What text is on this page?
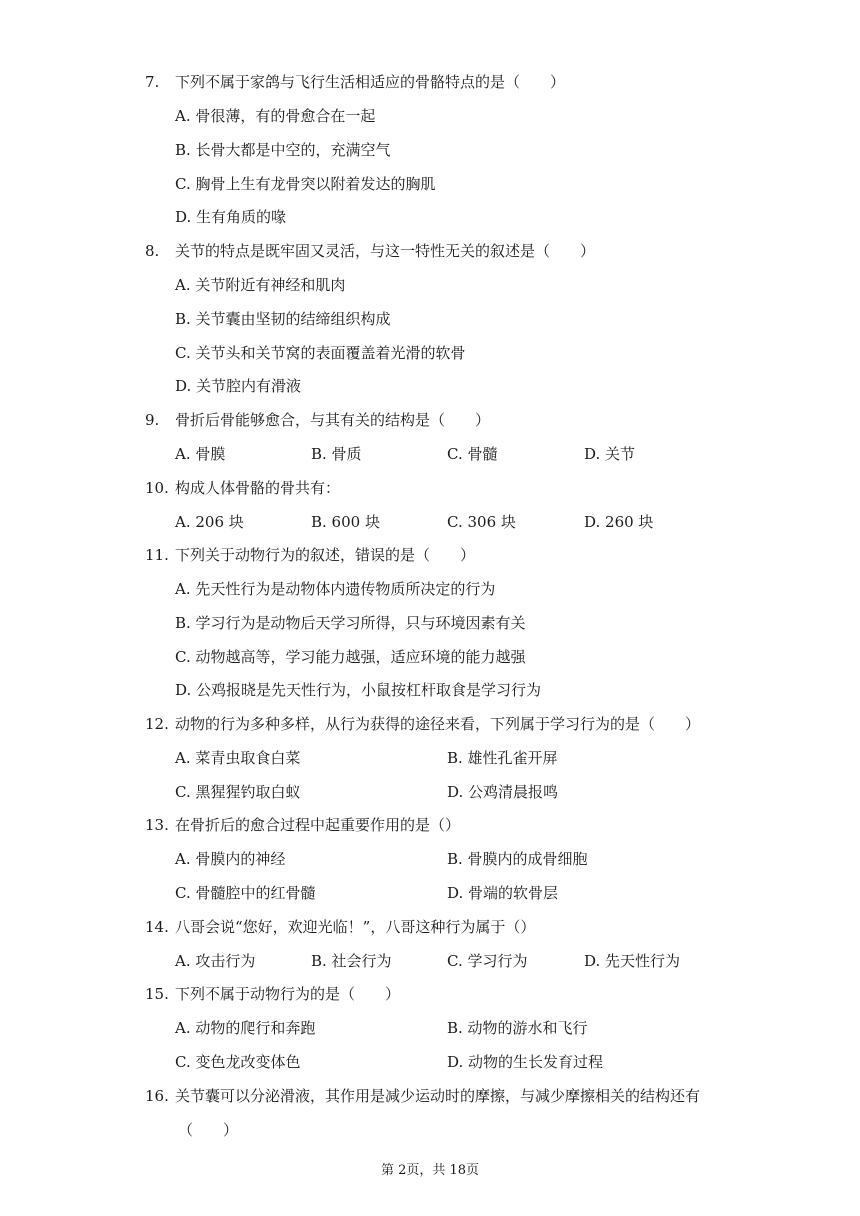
7. 下列不属于家鸽与飞行生活相适应的骨骼特点的是（　　）
A. 骨很薄，有的骨愈合在一起
B. 长骨大都是中空的，充满空气
C. 胸骨上生有龙骨突以附着发达的胸肌
D. 生有角质的喙
8. 关节的特点是既牢固又灵活，与这一特性无关的叙述是（　　）
A. 关节附近有神经和肌肉
B. 关节囊由坚韧的结缔组织构成
C. 关节头和关节窝的表面覆盖着光滑的软骨
D. 关节腔内有滑液
9. 骨折后骨能够愈合，与其有关的结构是（　　）
A. 骨膜	B. 骨质	C. 骨髓	D. 关节
10. 构成人体骨骼的骨共有：
A. 206 块	B. 600 块	C. 306 块	D. 260 块
11. 下列关于动物行为的叙述，错误的是（　　）
A. 先天性行为是动物体内遗传物质所决定的行为
B. 学习行为是动物后天学习所得，只与环境因素有关
C. 动物越高等，学习能力越强，适应环境的能力越强
D. 公鸡报晓是先天性行为，小鼠按杠杆取食是学习行为
12. 动物的行为多种多样，从行为获得的途径来看，下列属于学习行为的是（　　）
A. 菜青虫取食白菜	B. 雄性孔雀开屏
C. 黑猩猩钓取白蚁	D. 公鸡清晨报鸣
13. 在骨折后的愈合过程中起重要作用的是（）
A. 骨膜内的神经	B. 骨膜内的成骨细胞
C. 骨髓腔中的红骨髓	D. 骨端的软骨层
14. 八哥会说“您好，欢迎光临！”，八哥这种行为属于（）
A. 攻击行为	B. 社会行为	C. 学习行为	D. 先天性行为
15. 下列不属于动物行为的是（　　）
A. 动物的爬行和奔跑	B. 动物的游水和飞行
C. 变色龙改变体色	D. 动物的生长发育过程
16. 关节囊可以分泌滑液，其作用是减少运动时的摩擦，与减少摩擦相关的结构还有
（　　）
第 2页，共 18页
